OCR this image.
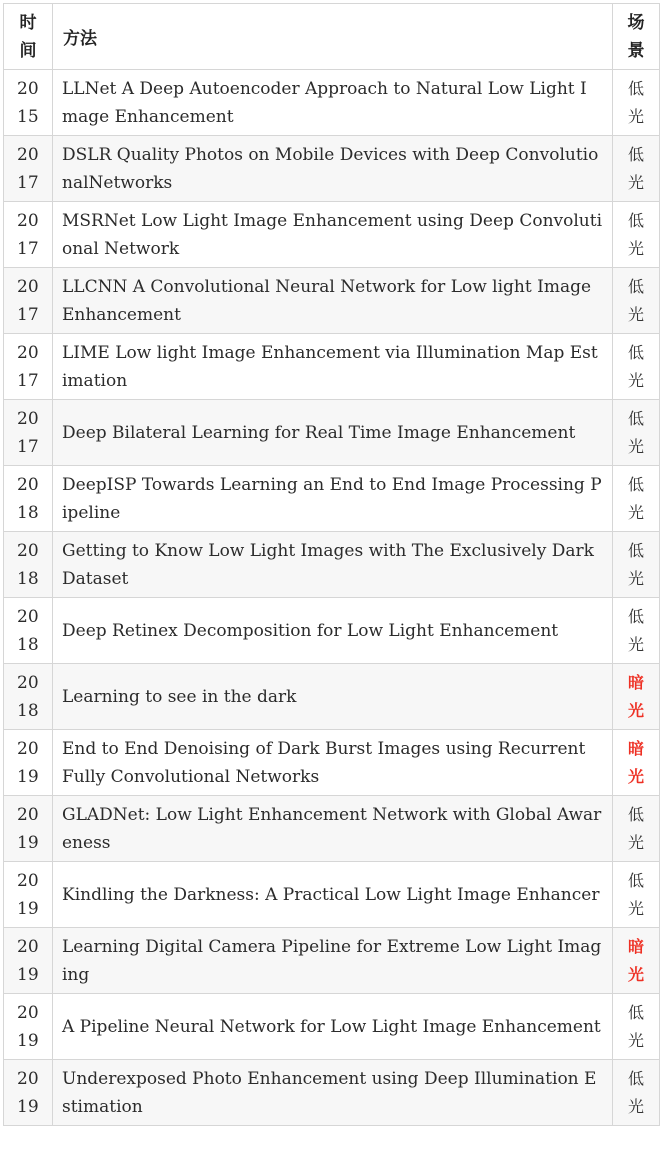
时间	方法	场景
2015	LLNet A Deep Autoencoder Approach to Natural Low Light Image Enhancement	低光
2017	DSLR Quality Photos on Mobile Devices with Deep ConvolutionalNetworks	低光
2017	MSRNet Low Light Image Enhancement using Deep Convolutional Network	低光
2017	LLCNN A Convolutional Neural Network for Low light Image Enhancement	低光
2017	LIME Low light Image Enhancement via Illumination Map Estimation	低光
2017	Deep Bilateral Learning for Real Time Image Enhancement	低光
2018	DeepISP Towards Learning an End to End Image Processing Pipeline	低光
2018	Getting to Know Low Light Images with The Exclusively Dark Dataset	低光
2018	Deep Retinex Decomposition for Low Light Enhancement	低光
2018	Learning to see in the dark	暗光
2019	End to End Denoising of Dark Burst Images using Recurrent Fully Convolutional Networks	暗光
2019	GLADNet: Low Light Enhancement Network with Global Awareness	低光
2019	Kindling the Darkness: A Practical Low Light Image Enhancer	低光
2019	Learning Digital Camera Pipeline for Extreme Low Light Imaging	暗光
2019	A Pipeline Neural Network for Low Light Image Enhancement	低光
2019	Underexposed Photo Enhancement using Deep Illumination Estimation	低光
